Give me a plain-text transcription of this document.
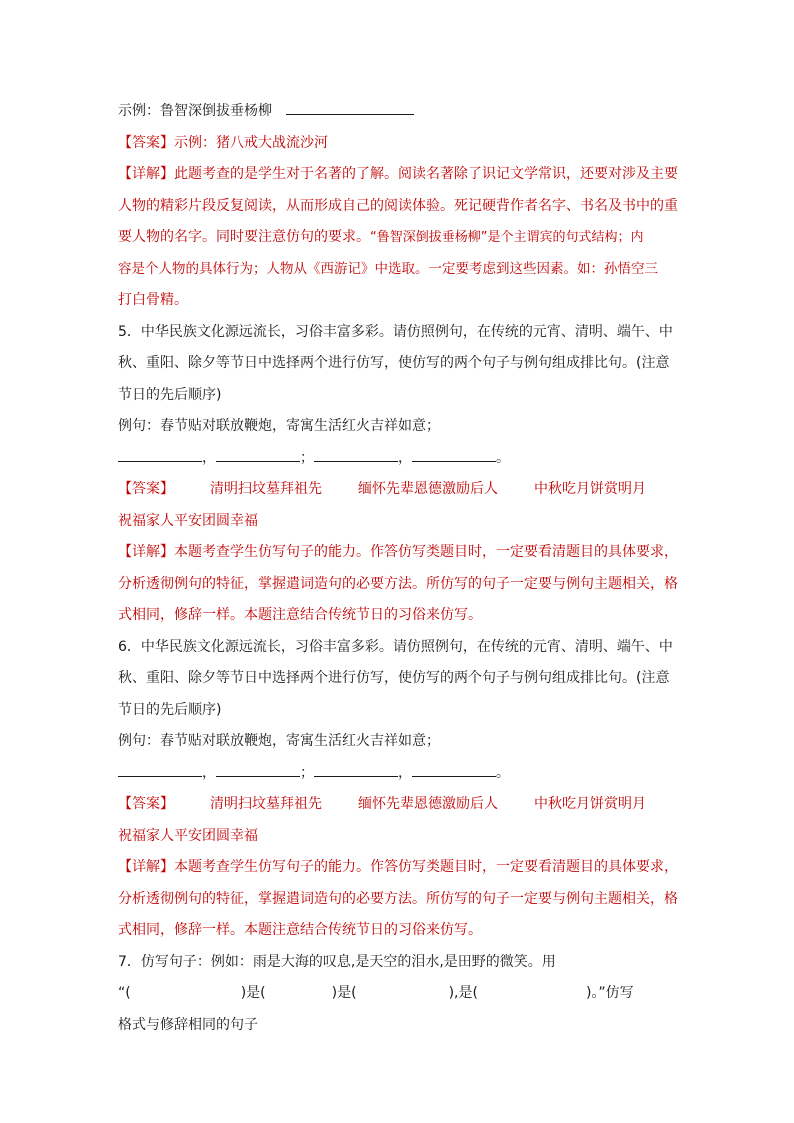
示例：鲁智深倒拔垂杨柳
【答案】示例：猪八戒大战流沙河
【详解】此题考查的是学生对于名著的了解。阅读名著除了识记文学常识，还要对涉及主要
人物的精彩片段反复阅读，从而形成自己的阅读体验。死记硬背作者名字、书名及书中的重
要人物的名字。同时要注意仿句的要求。“鲁智深倒拔垂杨柳”是个主谓宾的句式结构；内
容是个人物的具体行为；人物从《西游记》中选取。一定要考虑到这些因素。如：孙悟空三
打白骨精。
5．中华民族文化源远流长，习俗丰富多彩。请仿照例句，在传统的元宵、清明、端午、中
秋、重阳、除夕等节日中选择两个进行仿写，使仿写的两个句子与例句组成排比句。(注意
节日的先后顺序)
例句：春节贴对联放鞭炮，寄寓生活红火吉祥如意；
，	；	，	。
【答案】	清明扫坟墓拜祖先	缅怀先辈恩德激励后人	中秋吃月饼赏明月
祝福家人平安团圆幸福
【详解】本题考查学生仿写句子的能力。作答仿写类题目时，一定要看清题目的具体要求，
分析透彻例句的特征，掌握遣词造句的必要方法。所仿写的句子一定要与例句主题相关，格
式相同，修辞一样。本题注意结合传统节日的习俗来仿写。
6．中华民族文化源远流长，习俗丰富多彩。请仿照例句，在传统的元宵、清明、端午、中
秋、重阳、除夕等节日中选择两个进行仿写，使仿写的两个句子与例句组成排比句。(注意
节日的先后顺序)
例句：春节贴对联放鞭炮，寄寓生活红火吉祥如意；
，	；	，	。
【答案】	清明扫坟墓拜祖先	缅怀先辈恩德激励后人	中秋吃月饼赏明月
祝福家人平安团圆幸福
【详解】本题考查学生仿写句子的能力。作答仿写类题目时，一定要看清题目的具体要求，
分析透彻例句的特征，掌握遣词造句的必要方法。所仿写的句子一定要与例句主题相关，格
式相同，修辞一样。本题注意结合传统节日的习俗来仿写。
7．仿写句子：例如：雨是大海的叹息,是天空的泪水,是田野的微笑。用
“(	)是(	)是(	),是(	)。”仿写
格式与修辞相同的句子
